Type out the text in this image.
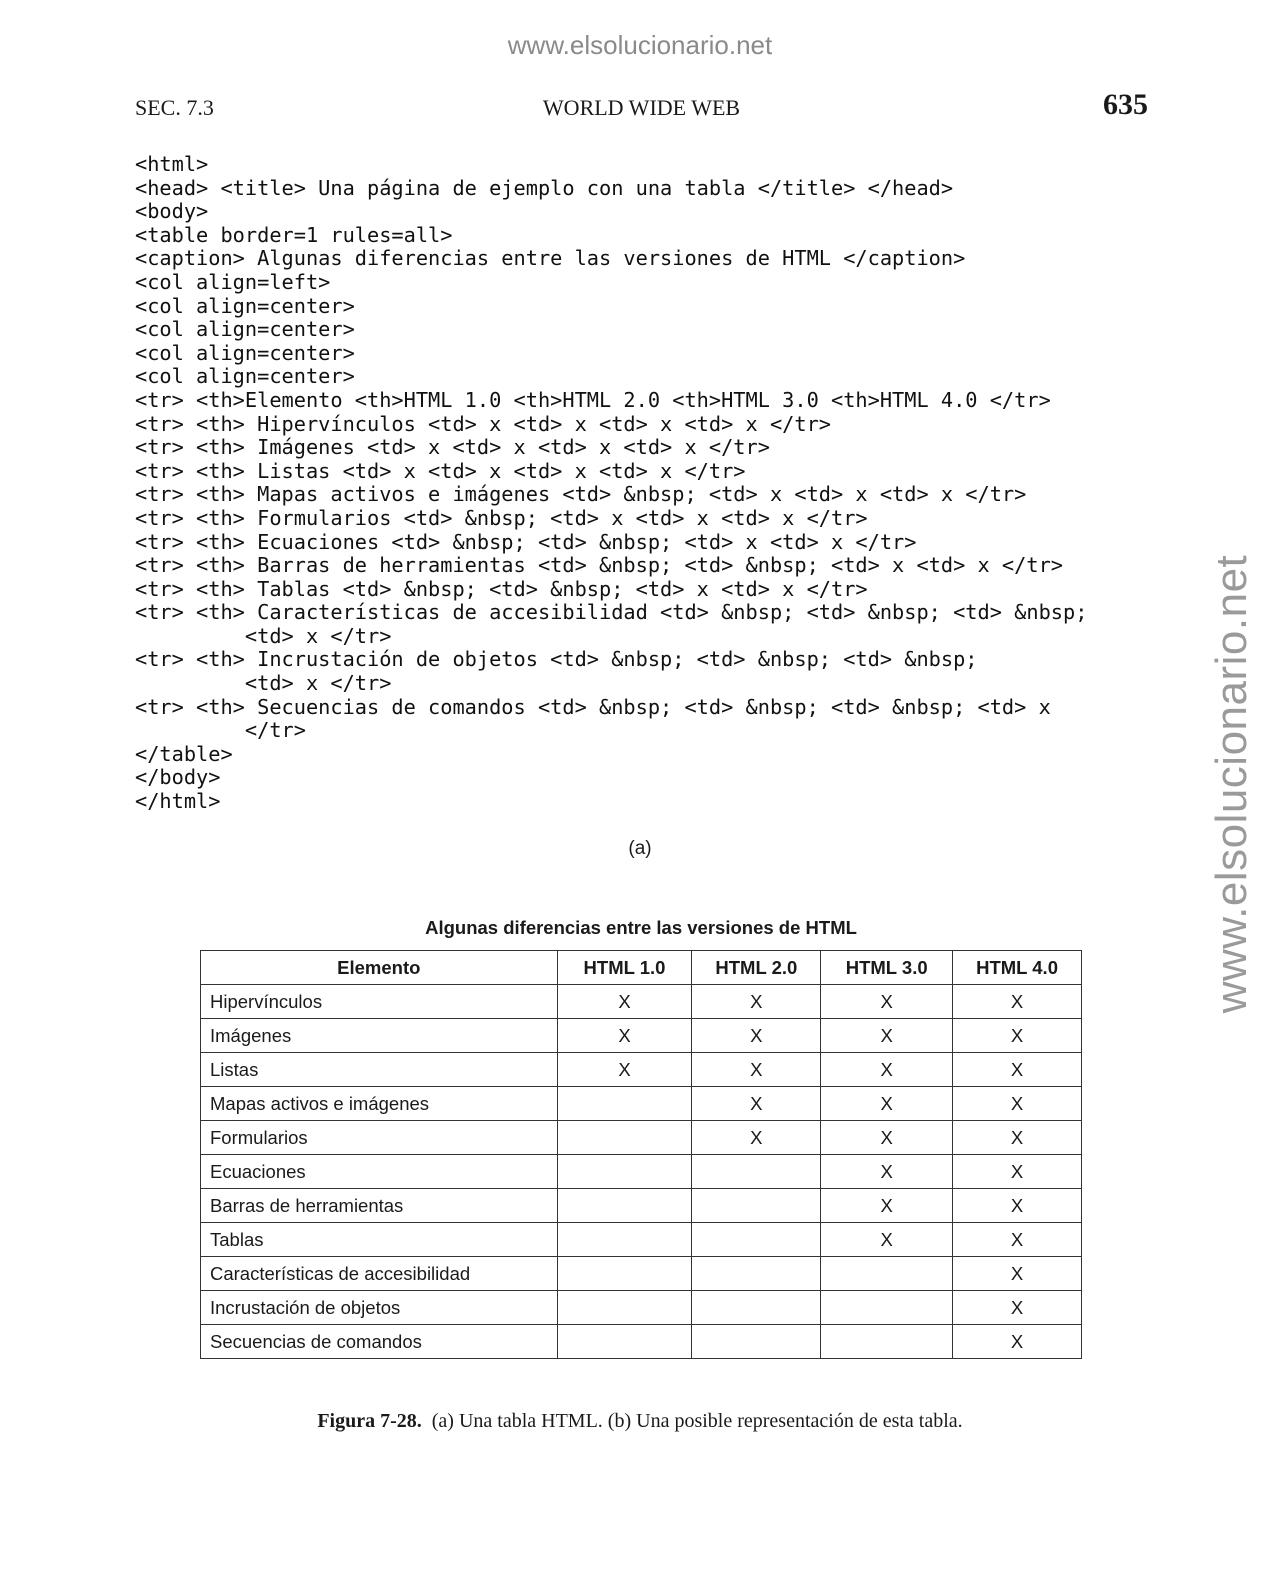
www.elsolucionario.net
www.elsolucionario.net
SEC. 7.3	WORLD WIDE WEB	635
<html>
<head> <title> Una página de ejemplo con una tabla </title> </head>
<body>
<table border=1 rules=all>
<caption> Algunas diferencias entre las versiones de HTML </caption>
<col align=left>
<col align=center>
<col align=center>
<col align=center>
<col align=center>
<tr> <th>Elemento <th>HTML 1.0 <th>HTML 2.0 <th>HTML 3.0 <th>HTML 4.0 </tr>
<tr> <th> Hipervínculos <td> x <td> x <td> x <td> x </tr>
<tr> <th> Imágenes <td> x <td> x <td> x <td> x </tr>
<tr> <th> Listas <td> x <td> x <td> x <td> x </tr>
<tr> <th> Mapas activos e imágenes <td> &nbsp; <td> x <td> x <td> x </tr>
<tr> <th> Formularios <td> &nbsp; <td> x <td> x <td> x </tr>
<tr> <th> Ecuaciones <td> &nbsp; <td> &nbsp; <td> x <td> x </tr>
<tr> <th> Barras de herramientas <td> &nbsp; <td> &nbsp; <td> x <td> x </tr>
<tr> <th> Tablas <td> &nbsp; <td> &nbsp; <td> x <td> x </tr>
<tr> <th> Características de accesibilidad <td> &nbsp; <td> &nbsp; <td> &nbsp;
<td> x </tr>
<tr> <th> Incrustación de objetos <td> &nbsp; <td> &nbsp; <td> &nbsp;
<td> x </tr>
<tr> <th> Secuencias de comandos <td> &nbsp; <td> &nbsp; <td> &nbsp; <td> x
</tr>
</table>
</body>
</html>
(a)
Algunas diferencias entre las versiones de HTML
Elemento	HTML 1.0	HTML 2.0	HTML 3.0	HTML 4.0
Hipervínculos	X	X	X	X
Imágenes	X	X	X	X
Listas	X	X	X	X
Mapas activos e imágenes		X	X	X
Formularios		X	X	X
Ecuaciones			X	X
Barras de herramientas			X	X
Tablas			X	X
Características de accesibilidad				X
Incrustación de objetos				X
Secuencias de comandos				X
Figura 7-28. (a) Una tabla HTML. (b) Una posible representación de esta tabla.
